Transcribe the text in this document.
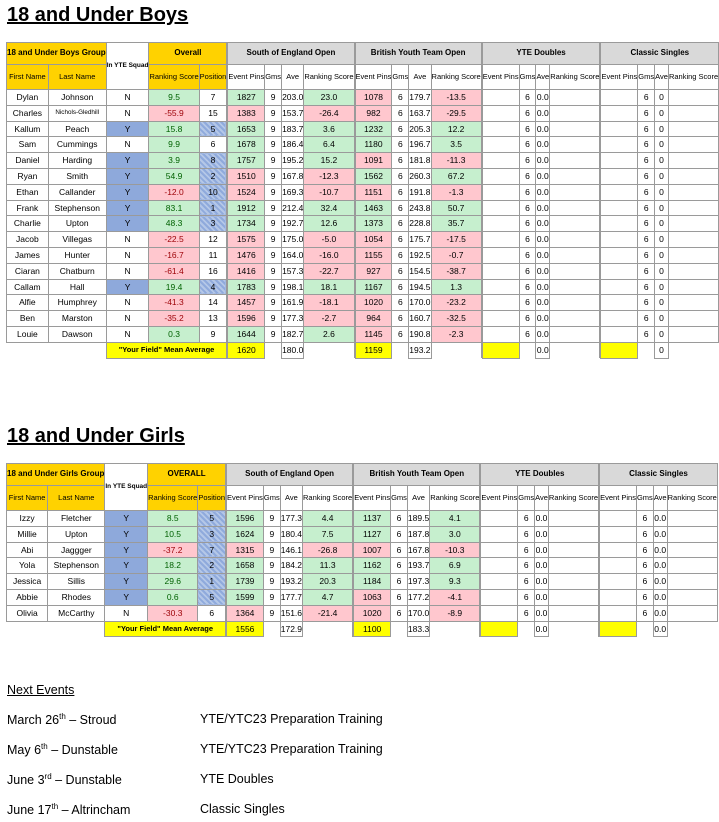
18 and Under Boys
18 and Under Boys Group		In YTE Squad	Overall		South of England Open				British Youth Team Open				YTE Doubles				Classic Singles			
First Name	Last Name		Ranking Score	Position		Event Pins	Gms	Ave	Ranking Score		Event Pins	Gms	Ave	Ranking Score		Event Pins	Gms	Ave	Ranking Score		Event Pins	Gms	Ave	Ranking Score
Dylan	Johnson	N	9.5	7		1827	9	203.0	23.0		1078	6	179.7	-13.5			6	0.0				6	0	
Charles	Nichols-Gledhill	N	-55.9	15		1383	9	153.7	-26.4		982	6	163.7	-29.5			6	0.0				6	0	
Kallum	Peach	Y	15.8	5		1653	9	183.7	3.6		1232	6	205.3	12.2			6	0.0				6	0	
Sam	Cummings	N	9.9	6		1678	9	186.4	6.4		1180	6	196.7	3.5			6	0.0				6	0	
Daniel	Harding	Y	3.9	8		1757	9	195.2	15.2		1091	6	181.8	-11.3			6	0.0				6	0	
Ryan	Smith	Y	54.9	2		1510	9	167.8	-12.3		1562	6	260.3	67.2			6	0.0				6	0	
Ethan	Callander	Y	-12.0	10		1524	9	169.3	-10.7		1151	6	191.8	-1.3			6	0.0				6	0	
Frank	Stephenson	Y	83.1	1		1912	9	212.4	32.4		1463	6	243.8	50.7			6	0.0				6	0	
Charlie	Upton	Y	48.3	3		1734	9	192.7	12.6		1373	6	228.8	35.7			6	0.0				6	0	
Jacob	Villegas	N	-22.5	12		1575	9	175.0	-5.0		1054	6	175.7	-17.5			6	0.0				6	0	
James	Hunter	N	-16.7	11		1476	9	164.0	-16.0		1155	6	192.5	-0.7			6	0.0				6	0	
Ciaran	Chatburn	N	-61.4	16		1416	9	157.3	-22.7		927	6	154.5	-38.7			6	0.0				6	0	
Callam	Hall	Y	19.4	4		1783	9	198.1	18.1		1167	6	194.5	1.3			6	0.0				6	0	
Alfie	Humphrey	N	-41.3	14		1457	9	161.9	-18.1		1020	6	170.0	-23.2			6	0.0				6	0	
Ben	Marston	N	-35.2	13		1596	9	177.3	-2.7		964	6	160.7	-32.5			6	0.0				6	0	
Louie	Dawson	N	0.3	9		1644	9	182.7	2.6		1145	6	190.8	-2.3			6	0.0				6	0	
		"Your Field" Mean Average			1620		180.0			1159		193.2					0.0					0	
18 and Under Girls
18 and Under Girls Group		In YTE Squad	OVERALL		South of England Open				British Youth Team Open				YTE Doubles				Classic Singles			
First Name	Last Name		Ranking Score	Position		Event Pins	Gms	Ave	Ranking Score		Event Pins	Gms	Ave	Ranking Score		Event Pins	Gms	Ave	Ranking Score		Event Pins	Gms	Ave	Ranking Score
Izzy	Fletcher	Y	8.5	5		1596	9	177.3	4.4		1137	6	189.5	4.1			6	0.0				6	0.0	
Millie	Upton	Y	10.5	3		1624	9	180.4	7.5		1127	6	187.8	3.0			6	0.0				6	0.0	
Abi	Jaggger	Y	-37.2	7		1315	9	146.1	-26.8		1007	6	167.8	-10.3			6	0.0				6	0.0	
Yola	Stephenson	Y	18.2	2		1658	9	184.2	11.3		1162	6	193.7	6.9			6	0.0				6	0.0	
Jessica	Sillis	Y	29.6	1		1739	9	193.2	20.3		1184	6	197.3	9.3			6	0.0				6	0.0	
Abbie	Rhodes	Y	0.6	5		1599	9	177.7	4.7		1063	6	177.2	-4.1			6	0.0				6	0.0	
Olivia	McCarthy	N	-30.3	6		1364	9	151.6	-21.4		1020	6	170.0	-8.9			6	0.0				6	0.0	
		"Your Field" Mean Average			1556		172.9			1100		183.3					0.0					0.0	
Next Events
March 26th – Stroud	YTE/YTC23 Preparation Training
May 6th – Dunstable	YTE/YTC23 Preparation Training
June 3rd – Dunstable	YTE Doubles
June 17th – Altrincham	Classic Singles
